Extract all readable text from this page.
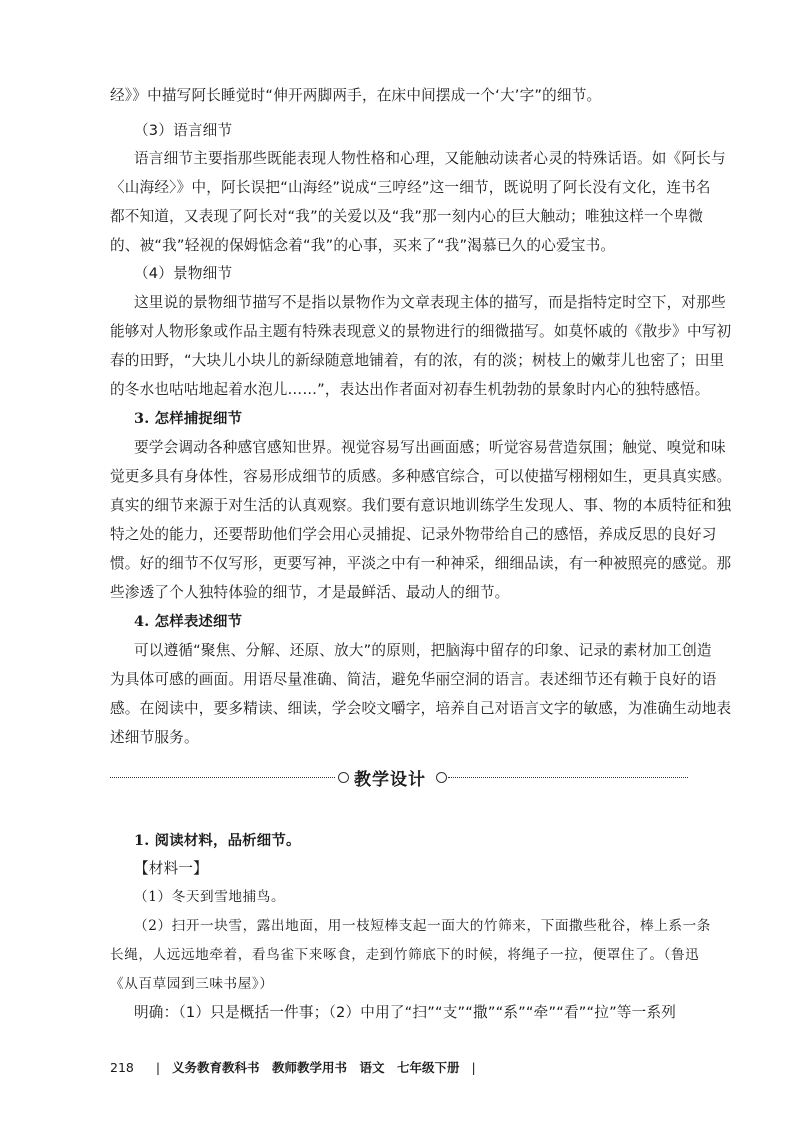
经》》中描写阿长睡觉时“伸开两脚两手，在床中间摆成一个‘大’字”的细节。
（3）语言细节
语言细节主要指那些既能表现人物性格和心理，又能触动读者心灵的特殊话语。如《阿长与
〈山海经〉》中，阿长误把“山海经”说成“三哼经”这一细节，既说明了阿长没有文化，连书名
都不知道，又表现了阿长对“我”的关爱以及“我”那一刻内心的巨大触动；唯独这样一个卑微
的、被“我”轻视的保姆惦念着“我”的心事，买来了“我”渴慕已久的心爱宝书。
（4）景物细节
这里说的景物细节描写不是指以景物作为文章表现主体的描写，而是指特定时空下，对那些
能够对人物形象或作品主题有特殊表现意义的景物进行的细微描写。如莫怀戚的《散步》中写初
春的田野，“大块儿小块儿的新绿随意地铺着，有的浓，有的淡；树枝上的嫩芽儿也密了；田里
的冬水也咕咕地起着水泡儿……”，表达出作者面对初春生机勃勃的景象时内心的独特感悟。
3. 怎样捕捉细节
要学会调动各种感官感知世界。视觉容易写出画面感；听觉容易营造氛围；触觉、嗅觉和味
觉更多具有身体性，容易形成细节的质感。多种感官综合，可以使描写栩栩如生，更具真实感。
真实的细节来源于对生活的认真观察。我们要有意识地训练学生发现人、事、物的本质特征和独
特之处的能力，还要帮助他们学会用心灵捕捉、记录外物带给自己的感悟，养成反思的良好习
惯。好的细节不仅写形，更要写神，平淡之中有一种神采，细细品读，有一种被照亮的感觉。那
些渗透了个人独特体验的细节，才是最鲜活、最动人的细节。
4. 怎样表述细节
可以遵循“聚焦、分解、还原、放大”的原则，把脑海中留存的印象、记录的素材加工创造
为具体可感的画面。用语尽量准确、简洁，避免华丽空洞的语言。表述细节还有赖于良好的语
感。在阅读中，要多精读、细读，学会咬文嚼字，培养自己对语言文字的敏感，为准确生动地表
述细节服务。
教学设计
1. 阅读材料，品析细节。
【材料一】
（1）冬天到雪地捕鸟。
（2）扫开一块雪，露出地面，用一枝短棒支起一面大的竹筛来，下面撒些秕谷，棒上系一条
长绳，人远远地牵着，看鸟雀下来啄食，走到竹筛底下的时候，将绳子一拉，便罩住了。（鲁迅
《从百草园到三味书屋》）
明确：（1）只是概括一件事；（2）中用了“扫”“支”“撒”“系”“牵”“看”“拉”等一系列
218 | 义务教育教科书　教师教学用书　语文　七年级下册 |
